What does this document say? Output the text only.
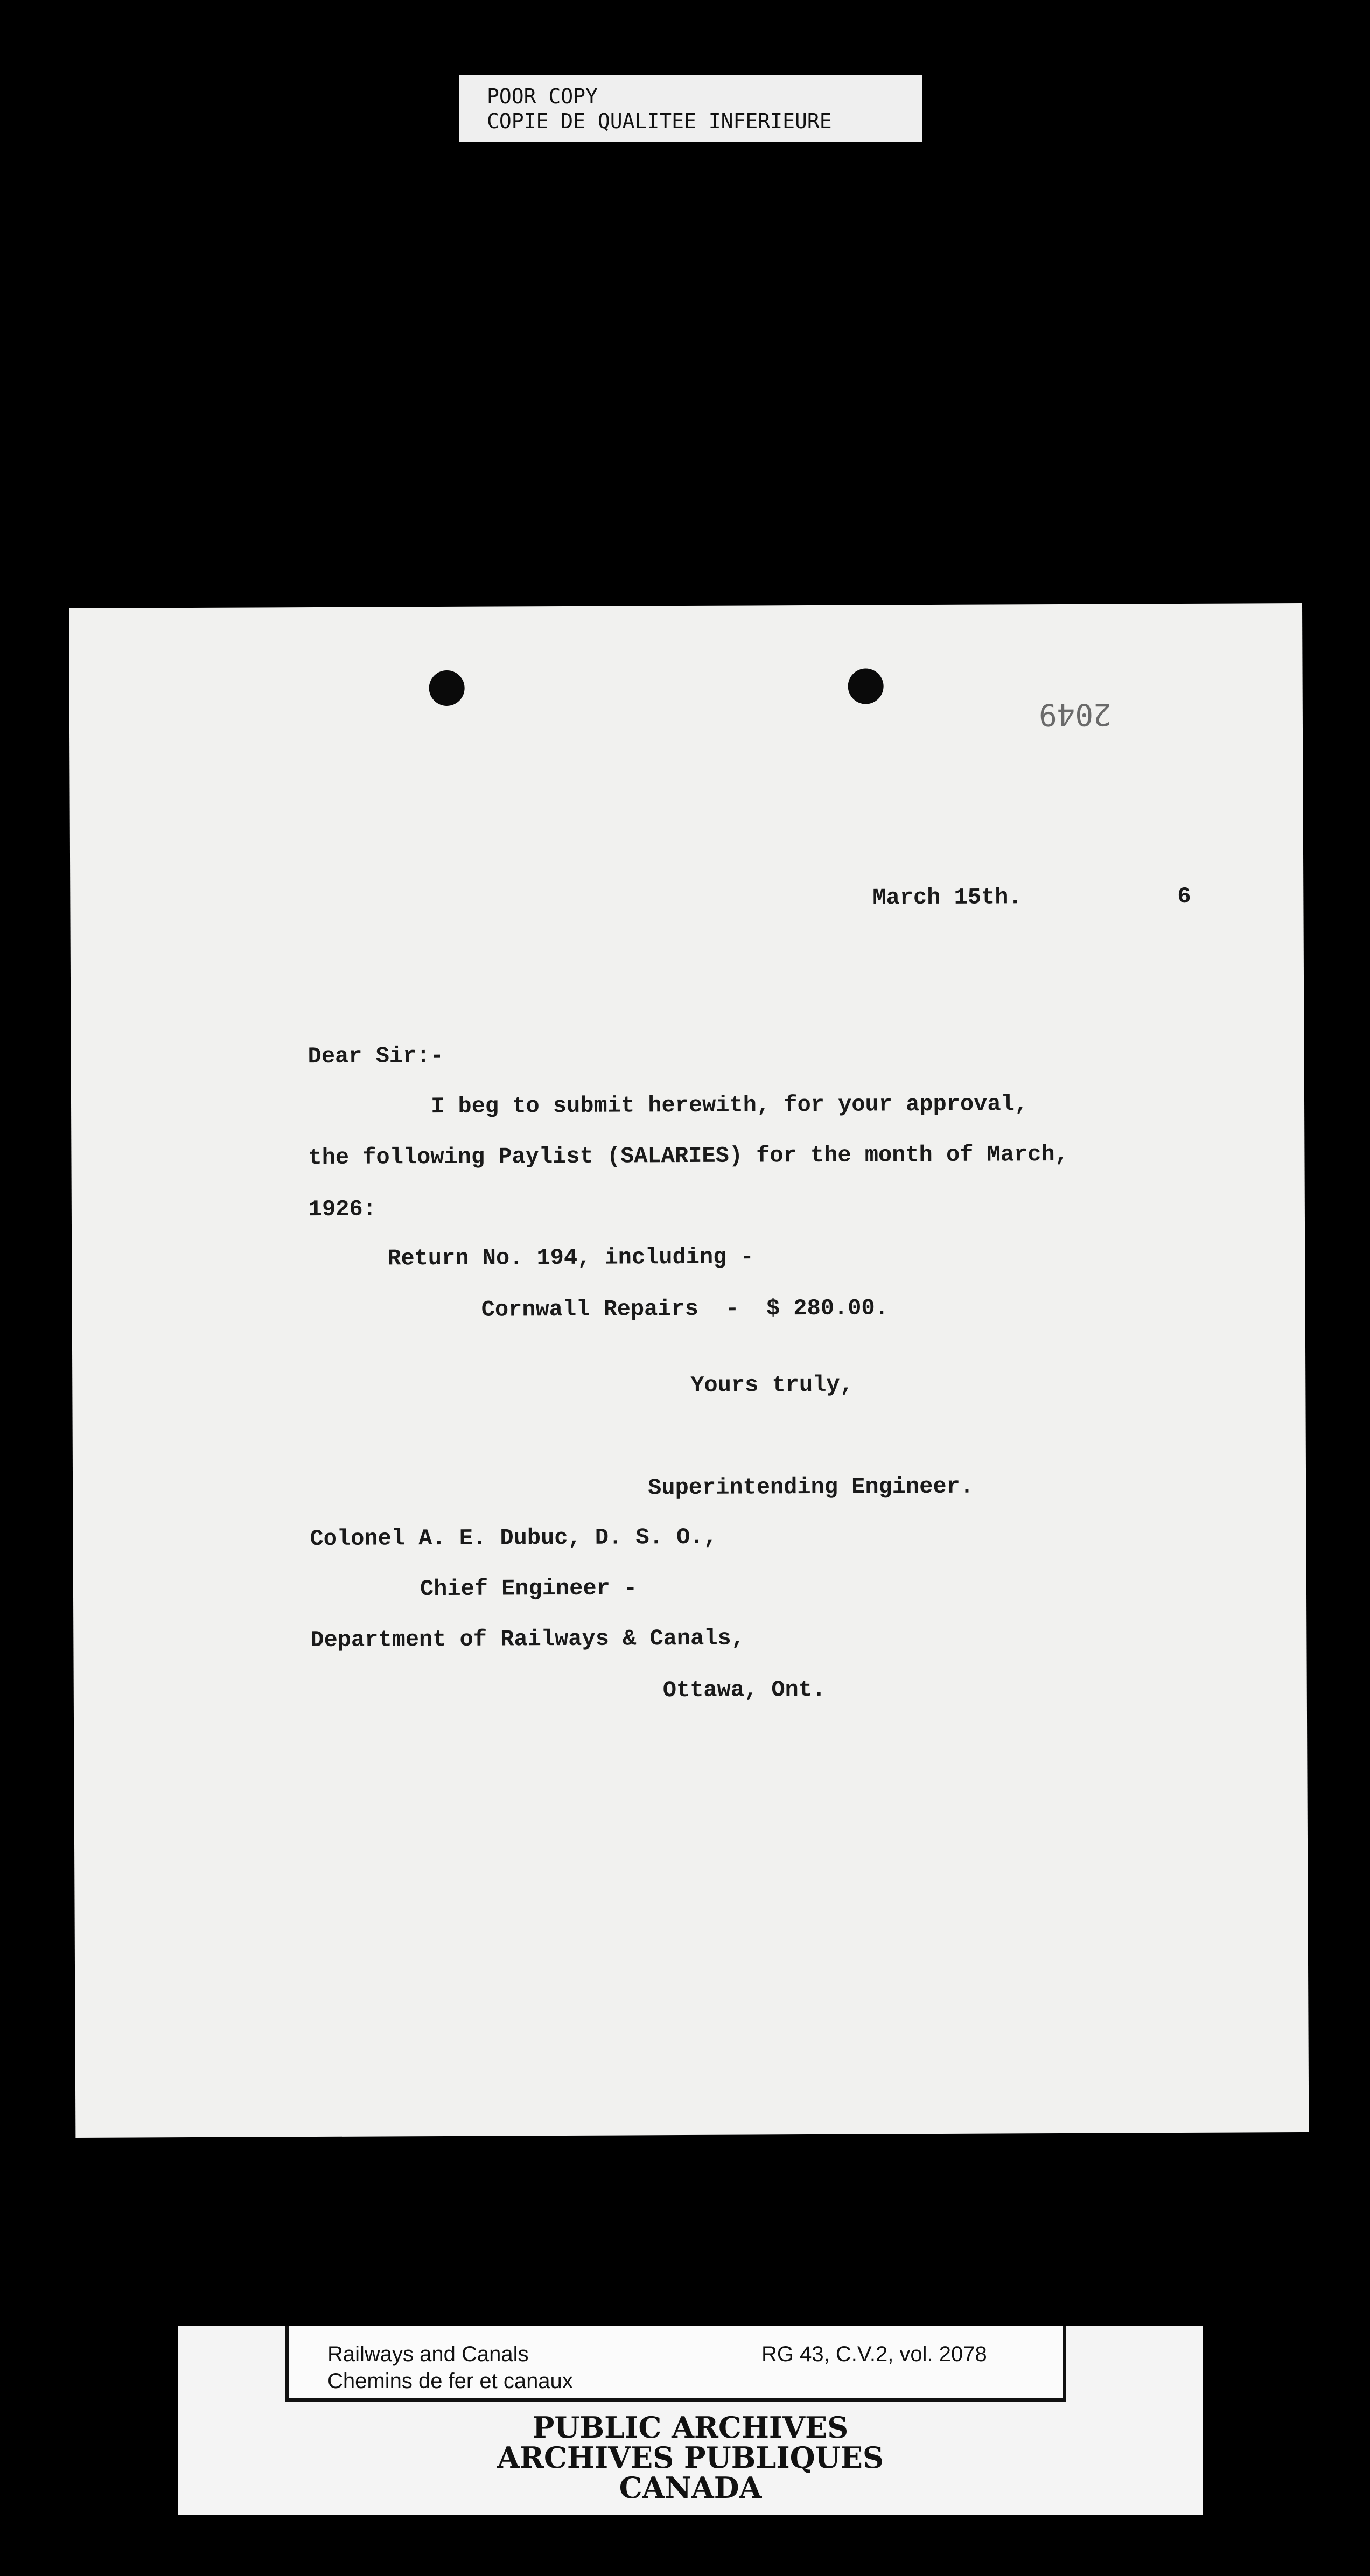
POOR COPY
COPIE DE QUALITEE INFERIEURE
2049
March 15th.	6
Dear Sir:-
I beg to submit herewith, for your approval,
the following Paylist (SALARIES) for the month of March,
1926:
Return No. 194, including -
Cornwall Repairs  -  $ 280.00.
Yours truly,
Superintending Engineer.
Colonel A. E. Dubuc, D. S. O.,
Chief Engineer -
Department of Railways & Canals,
Ottawa, Ont.
Railways and Canals
Chemins de fer et canaux
RG 43, C.V.2, vol. 2078
PUBLIC ARCHIVES
ARCHIVES PUBLIQUES
CANADA
